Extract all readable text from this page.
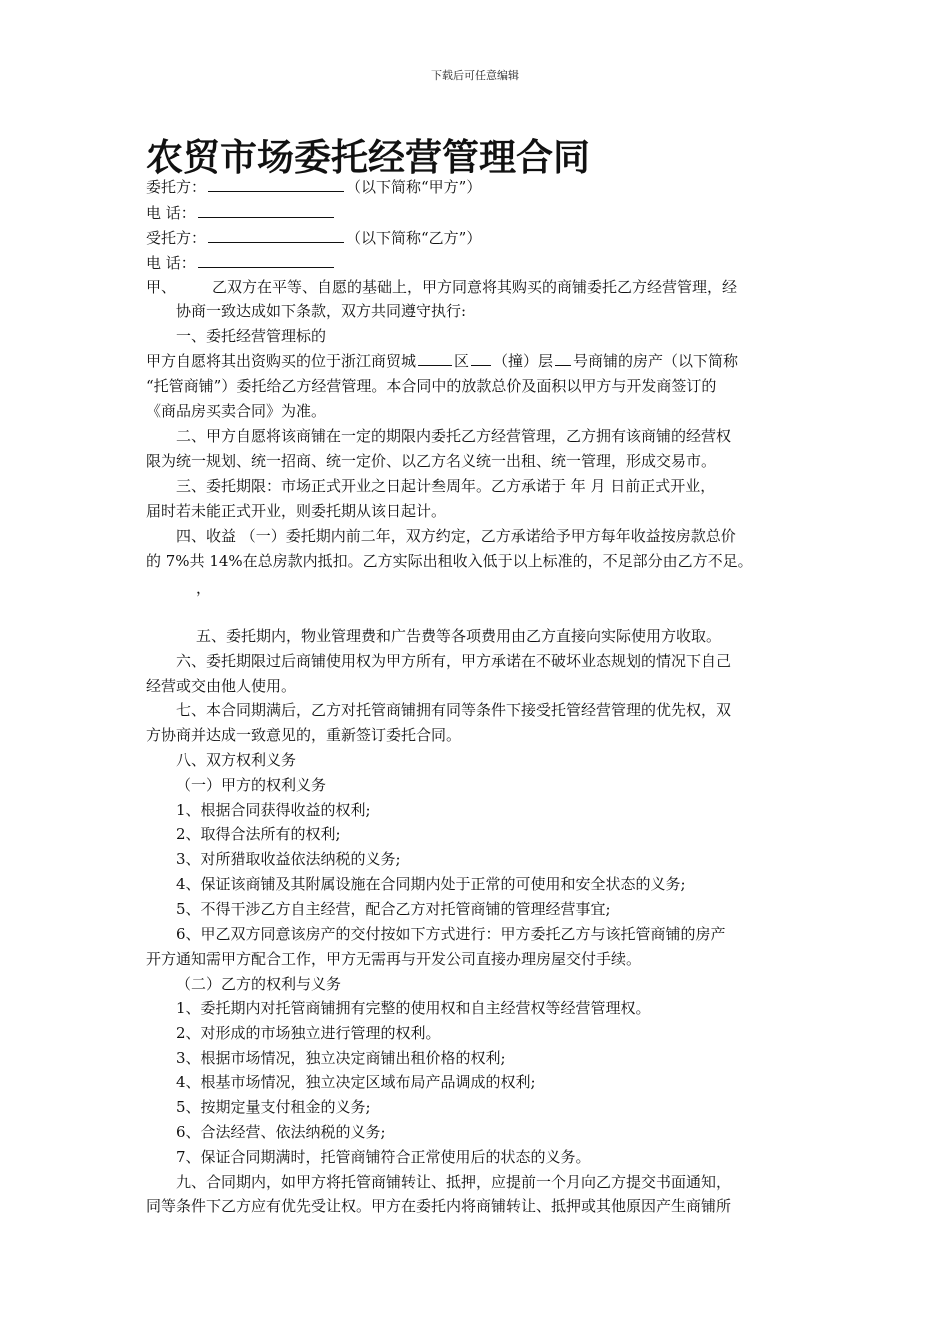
下载后可任意编辑
农贸市场委托经营管理合同
委托方：	（以下简称“甲方”）
电 话：
受托方：	（以下简称“乙方”）
电 话：
甲、 乙双方在平等、自愿的基础上，甲方同意将其购买的商铺委托乙方经营管理，经
协商一致达成如下条款，双方共同遵守执行:
一、委托经营管理标的
甲方自愿将其出资购买的位于浙江商贸城	区 （撞）层 号商铺的房产（以下简称
“托管商铺”）委托给乙方经营管理。本合同中的放款总价及面积以甲方与开发商签订的
《商品房买卖合同》为准。
二、甲方自愿将该商铺在一定的期限内委托乙方经营管理，乙方拥有该商铺的经营权
限为统一规划、统一招商、统一定价、以乙方名义统一出租、统一管理，形成交易市。
三、委托期限：市场正式开业之日起计叁周年。乙方承诺于 年 月 日前正式开业，
届时若未能正式开业，则委托期从该日起计。
四、收益 （一）委托期内前二年，双方约定，乙方承诺给予甲方每年收益按房款总价
的 7%共 14%在总房款内抵扣。乙方实际出租收入低于以上标准的，不足部分由乙方不足。
，
五、委托期内，物业管理费和广告费等各项费用由乙方直接向实际使用方收取。
六、委托期限过后商铺使用权为甲方所有，甲方承诺在不破坏业态规划的情况下自己
经营或交由他人使用。
七、本合同期满后，乙方对托管商铺拥有同等条件下接受托管经营管理的优先权，双
方协商并达成一致意见的，重新签订委托合同。
八、双方权利义务
（一）甲方的权利义务
1、根据合同获得收益的权利;
2、取得合法所有的权利;
3、对所猎取收益依法纳税的义务;
4、保证该商铺及其附属设施在合同期内处于正常的可使用和安全状态的义务;
5、不得干涉乙方自主经营，配合乙方对托管商铺的管理经营事宜;
6、甲乙双方同意该房产的交付按如下方式进行：甲方委托乙方与该托管商铺的房产
开方通知需甲方配合工作，甲方无需再与开发公司直接办理房屋交付手续。
（二）乙方的权利与义务
1、委托期内对托管商铺拥有完整的使用权和自主经营权等经营管理权。
2、对形成的市场独立进行管理的权利。
3、根据市场情况，独立决定商铺出租价格的权利;
4、根基市场情况，独立决定区域布局产品调成的权利;
5、按期定量支付租金的义务;
6、合法经营、依法纳税的义务;
7、保证合同期满时，托管商铺符合正常使用后的状态的义务。
九、合同期内，如甲方将托管商铺转让、抵押，应提前一个月向乙方提交书面通知，
同等条件下乙方应有优先受让权。甲方在委托内将商铺转让、抵押或其他原因产生商铺所
